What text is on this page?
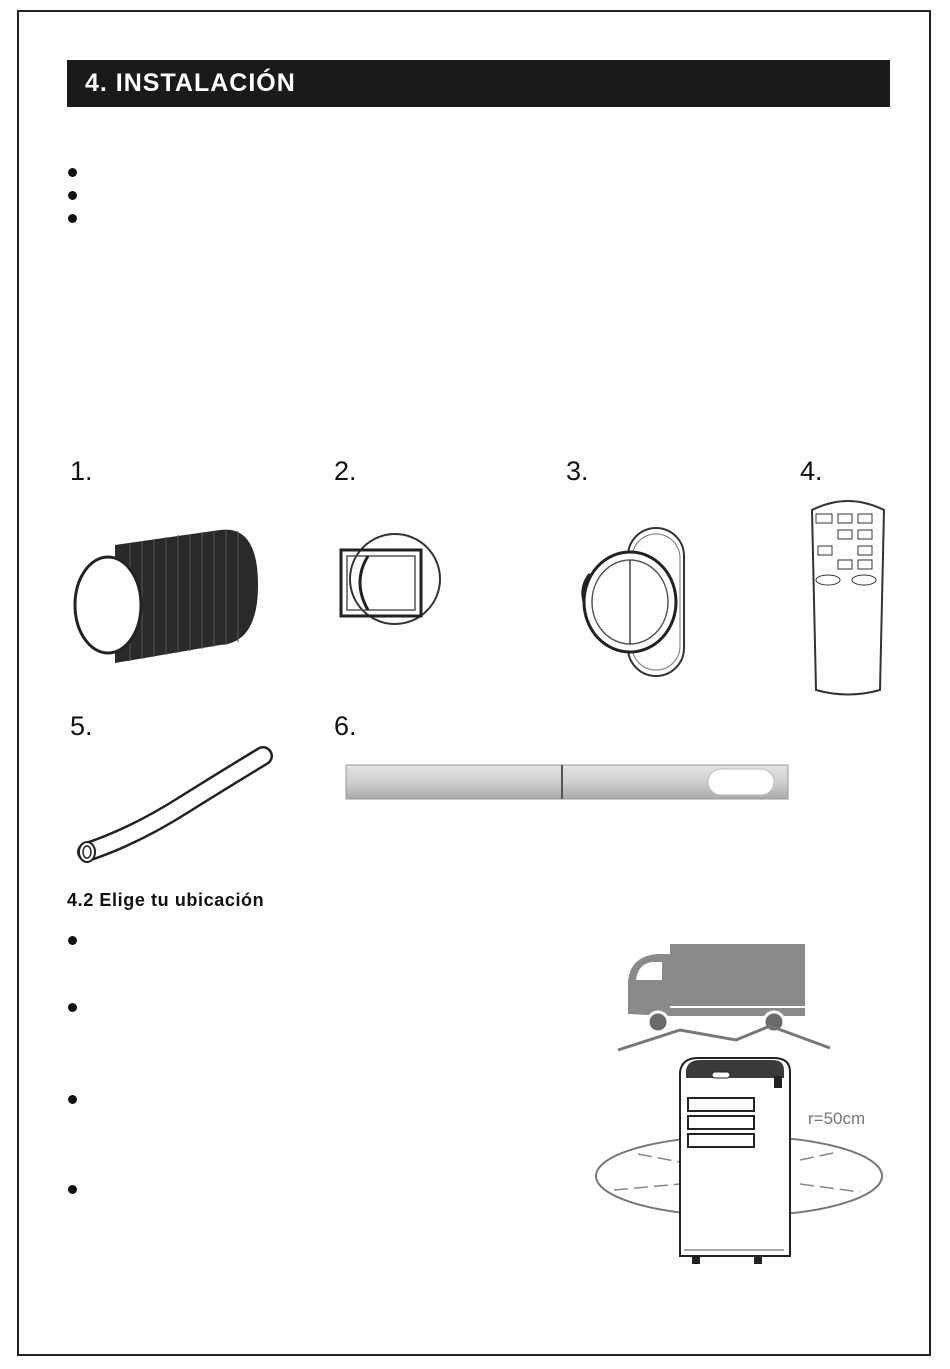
4. INSTALACIÓN
1.	2.	3.	4.
5.	6.
4.2 Elige tu ubicación
r=50cm
